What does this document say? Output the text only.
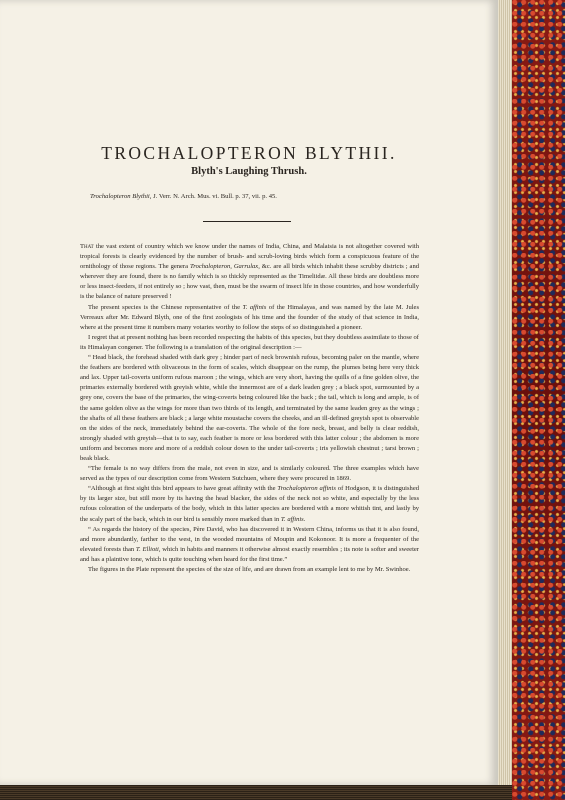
TROCHALOPTERON BLYTHII.
Blyth's Laughing Thrush.
Trochalopteron Blythii, J. Verr. N. Arch. Mus. vi. Bull. p. 37, vii. p. 45.

That the vast extent of country which we know under the names of India, China, and Malaisia is not altogether covered with tropical forests is clearly evidenced by the number of brush- and scrub-loving birds which form a conspicuous feature of the ornithology of those regions. The genera Trochalopteron, Garrulax, &c. are all birds which inhabit these scrubby districts ; and wherever they are found, there is no family which is so thickly represented as the Timeliidæ. All these birds are doubtless more or less insect-feeders, if not entirely so ; how vast, then, must be the swarm of insect life in those countries, and how wonderfully is the balance of nature preserved !

The present species is the Chinese representative of the T. affinis of the Himalayas, and was named by the late M. Jules Verreaux after Mr. Edward Blyth, one of the first zoologists of his time and the founder of the study of that science in India, where at the present time it numbers many votaries worthy to follow the steps of so distinguished a pioneer.

I regret that at present nothing has been recorded respecting the habits of this species, but they doubtless assimilate to those of its Himalayan congener. The following is a translation of the original description :—

“ Head black, the forehead shaded with dark grey ; hinder part of neck brownish rufous, becoming paler on the mantle, where the feathers are bordered with olivaceous in the form of scales, which disappear on the rump, the plumes being here very thick and lax. Upper tail-coverts uniform rufous maroon ; the wings, which are very short, having the quills of a fine golden olive, the primaries externally bordered with greyish white, while the innermost are of a dark leaden grey ; a black spot, surmounted by a grey one, covers the base of the primaries, the wing-coverts being coloured like the back ; the tail, which is long and ample, is of the same golden olive as the wings for more than two thirds of its length, and terminated by the same leaden grey as the wings ; the shafts of all these feathers are black ; a large white moustache covers the cheeks, and an ill-defined greyish spot is observable on the sides of the neck, immediately behind the ear-coverts. The whole of the fore neck, breast, and belly is clear reddish, strongly shaded with greyish—that is to say, each feather is more or less bordered with this latter colour ; the abdomen is more uniform and becomes more and more of a reddish colour down to the under tail-coverts ; iris yellowish chestnut ; tarsi brown ; beak black.

“The female is no way differs from the male, not even in size, and is similarly coloured. The three examples which have served as the types of our description come from Western Sutchuen, where they were procured in 1869.

“Although at first sight this bird appears to have great affinity with the Trochalopteron affinis of Hodgson, it is distinguished by its larger size, but still more by its having the head blacker, the sides of the neck not so white, and especially by the less rufous coloration of the underparts of the body, which in this latter species are bordered with a more whitish tint, and lastly by the scaly part of the back, which in our bird is sensibly more marked than in T. affinis.

“ As regards the history of the species, Père David, who has discovered it in Western China, informs us that it is also found, and more abundantly, farther to the west, in the wooded mountains of Moupin and Kokonoor. It is more a frequenter of the elevated forests than T. Ellioti, which in habits and manners it otherwise almost exactly resembles ; its note is softer and sweeter and has a plaintive tone, which is quite touching when heard for the first time.”

The figures in the Plate represent the species of the size of life, and are drawn from an example lent to me by Mr. Swinhoe.
